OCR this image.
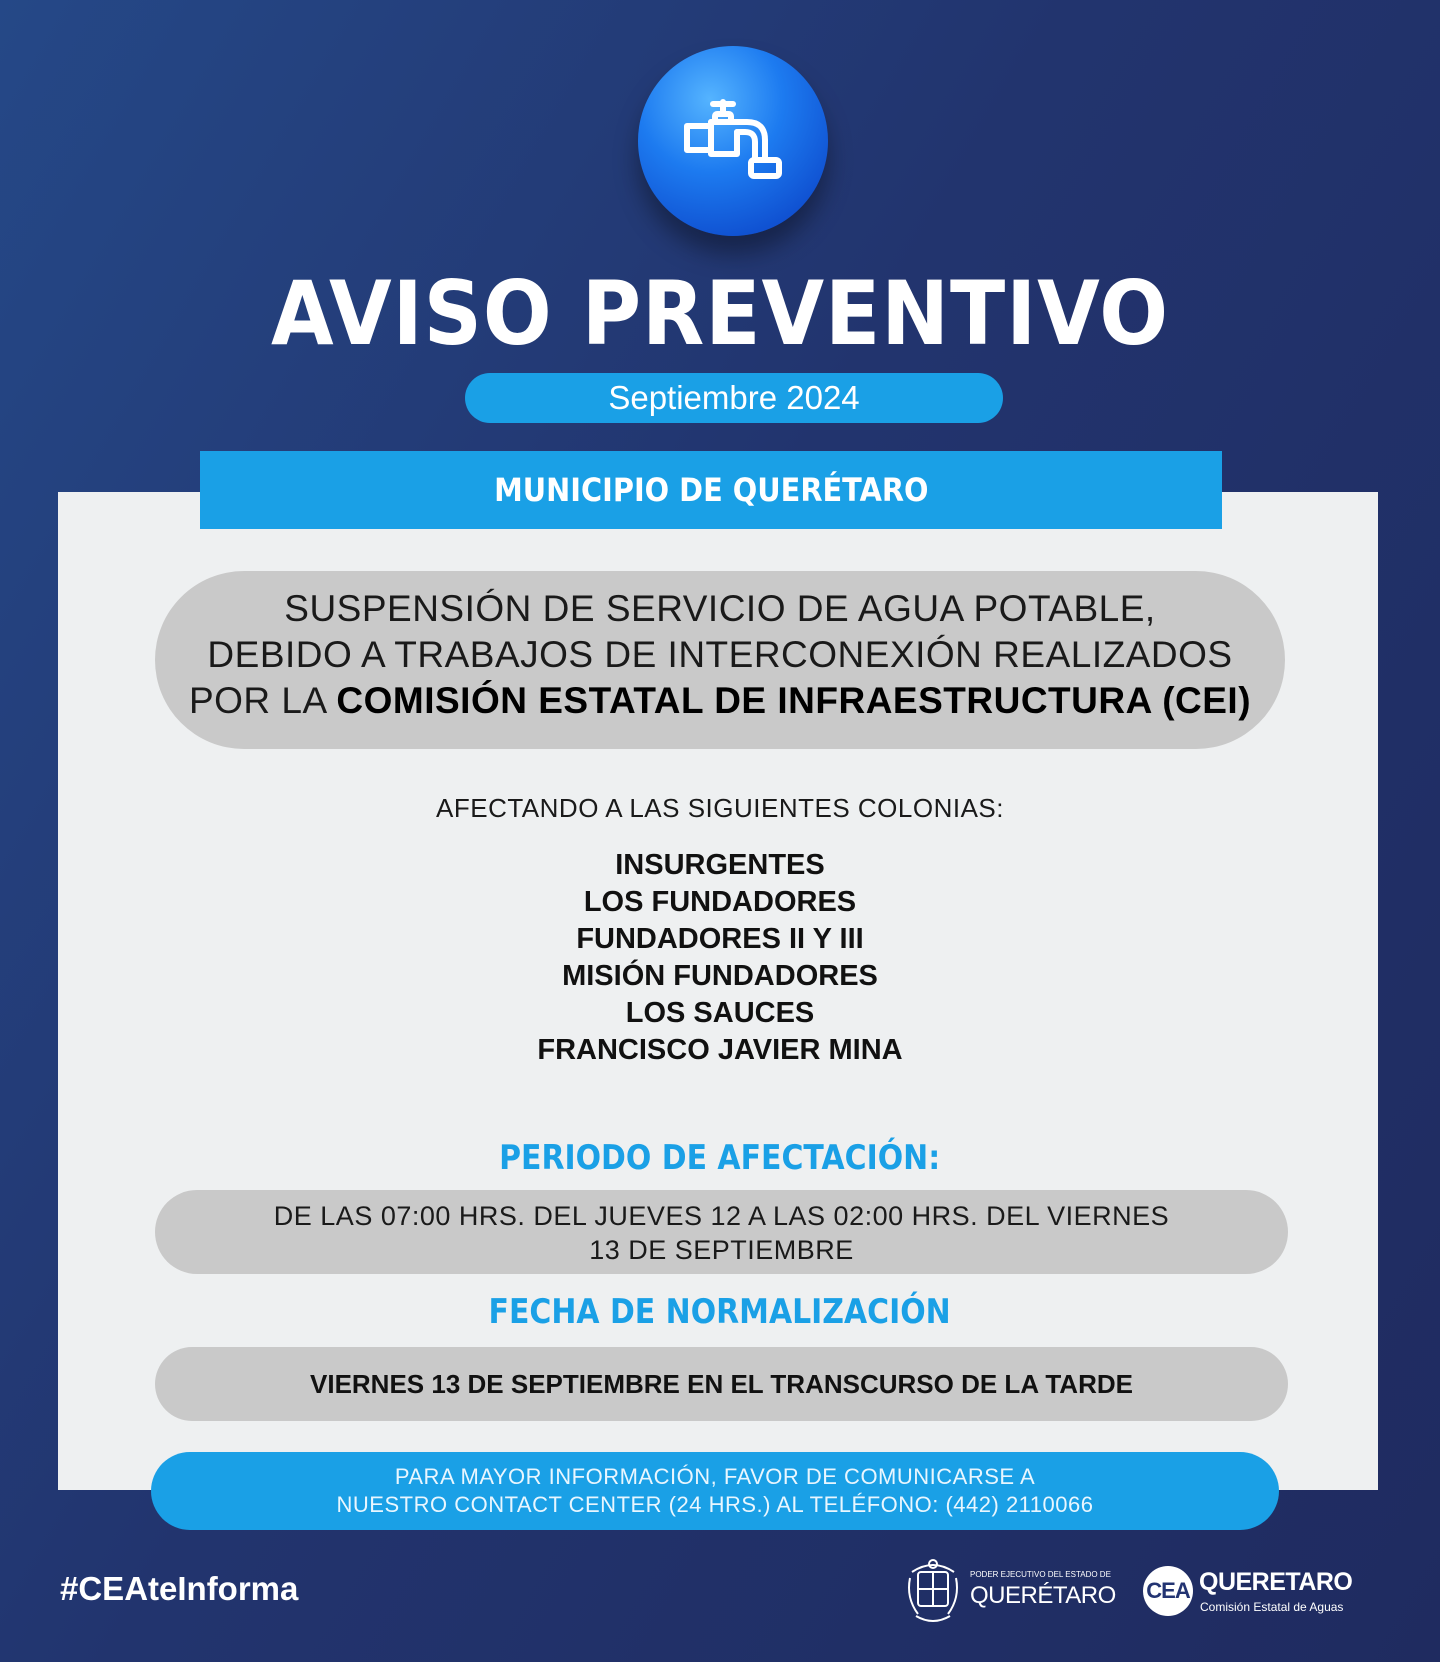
AVISO PREVENTIVO
Septiembre 2024
MUNICIPIO DE QUERÉTARO
SUSPENSIÓN DE SERVICIO DE AGUA POTABLE,
DEBIDO A TRABAJOS DE INTERCONEXIÓN REALIZADOS
POR LA COMISIÓN ESTATAL DE INFRAESTRUCTURA (CEI)
AFECTANDO A LAS SIGUIENTES COLONIAS:
INSURGENTES
LOS FUNDADORES
FUNDADORES II Y III
MISIÓN FUNDADORES
LOS SAUCES
FRANCISCO JAVIER MINA
PERIODO DE AFECTACIÓN:
DE LAS 07:00 HRS. DEL JUEVES 12 A LAS 02:00 HRS. DEL VIERNES
13 DE SEPTIEMBRE
FECHA DE NORMALIZACIÓN
VIERNES 13 DE SEPTIEMBRE EN EL TRANSCURSO DE LA TARDE
PARA MAYOR INFORMACIÓN, FAVOR DE COMUNICARSE A
NUESTRO CONTACT CENTER (24 HRS.) AL TELÉFONO: (442) 2110066
#CEAteInforma	PODER EJECUTIVO DEL ESTADO DE
QUERÉTARO CEA QUERETARO
Comisión Estatal de Aguas
